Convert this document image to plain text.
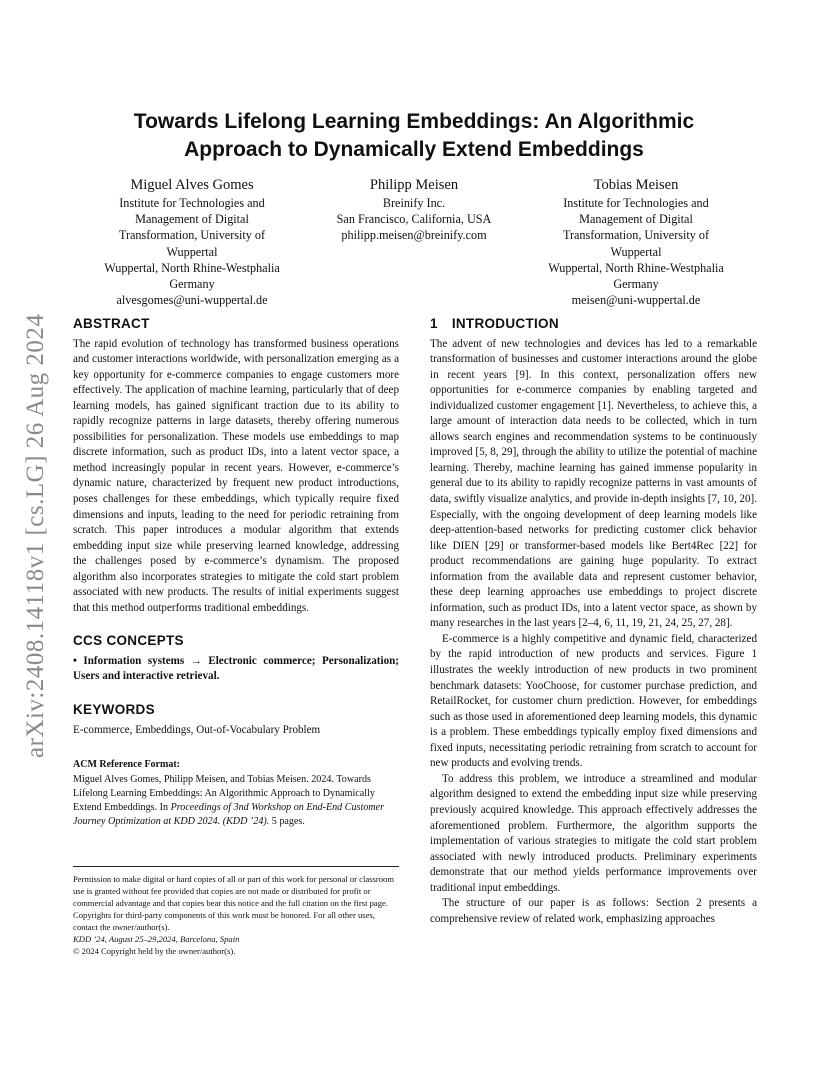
arXiv:2408.14118v1 [cs.LG] 26 Aug 2024
Towards Lifelong Learning Embeddings: An Algorithmic
Approach to Dynamically Extend Embeddings
Miguel Alves Gomes
Institute for Technologies and
Management of Digital
Transformation, University of
Wuppertal
Wuppertal, North Rhine-Westphalia
Germany
alvesgomes@uni-wuppertal.de
Philipp Meisen
Breinify Inc.
San Francisco, California, USA
philipp.meisen@breinify.com
Tobias Meisen
Institute for Technologies and
Management of Digital
Transformation, University of
Wuppertal
Wuppertal, North Rhine-Westphalia
Germany
meisen@uni-wuppertal.de
ABSTRACT

The rapid evolution of technology has transformed business operations and customer interactions worldwide, with personalization emerging as a key opportunity for e-commerce companies to engage customers more effectively. The application of machine learning, particularly that of deep learning models, has gained significant traction due to its ability to rapidly recognize patterns in large datasets, thereby offering numerous possibilities for personalization. These models use embeddings to map discrete information, such as product IDs, into a latent vector space, a method increasingly popular in recent years. However, e-commerce’s dynamic nature, characterized by frequent new product introductions, poses challenges for these embeddings, which typically require fixed dimensions and inputs, leading to the need for periodic retraining from scratch. This paper introduces a modular algorithm that extends embedding input size while preserving learned knowledge, addressing the challenges posed by e-commerce’s dynamism. The proposed algorithm also incorporates strategies to mitigate the cold start problem associated with new products. The results of initial experiments suggest that this method outperforms traditional embeddings.

CCS CONCEPTS

• Information systems → Electronic commerce; Personalization; Users and interactive retrieval.

KEYWORDS

E-commerce, Embeddings, Out-of-Vocabulary Problem

ACM Reference Format:

Miguel Alves Gomes, Philipp Meisen, and Tobias Meisen. 2024. Towards Lifelong Learning Embeddings: An Algorithmic Approach to Dynamically Extend Embeddings. In Proceedings of 3nd Workshop on End-End Customer Journey Optimization at KDD 2024. (KDD ’24). 5 pages.

Permission to make digital or hard copies of all or part of this work for personal or classroom use is granted without fee provided that copies are not made or distributed for profit or commercial advantage and that copies bear this notice and the full citation on the first page. Copyrights for third-party components of this work must be honored. For all other uses, contact the owner/author(s).

KDD ’24, August 25–29,2024, Barcelona, Spain

© 2024 Copyright held by the owner/author(s).

1 INTRODUCTION

The advent of new technologies and devices has led to a remarkable transformation of businesses and customer interactions around the globe in recent years [9]. In this context, personalization offers new opportunities for e-commerce companies by enabling targeted and individualized customer engagement [1]. Nevertheless, to achieve this, a large amount of interaction data needs to be collected, which in turn allows search engines and recommendation systems to be continuously improved [5, 8, 29], through the ability to utilize the potential of machine learning. Thereby, machine learning has gained immense popularity in general due to its ability to rapidly recognize patterns in vast amounts of data, swiftly visualize analytics, and provide in-depth insights [7, 10, 20]. Especially, with the ongoing development of deep learning models like deep-attention-based networks for predicting customer click behavior like DIEN [29] or transformer-based models like Bert4Rec [22] for product recommendations are gaining huge popularity. To extract information from the available data and represent customer behavior, these deep learning approaches use embeddings to project discrete information, such as product IDs, into a latent vector space, as shown by many researches in the last years [2–4, 6, 11, 19, 21, 24, 25, 27, 28].

E-commerce is a highly competitive and dynamic field, characterized by the rapid introduction of new products and services. Figure 1 illustrates the weekly introduction of new products in two prominent benchmark datasets: YooChoose, for customer purchase prediction, and RetailRocket, for customer churn prediction. However, for embeddings such as those used in aforementioned deep learning models, this dynamic is a problem. These embeddings typically employ fixed dimensions and fixed inputs, necessitating periodic retraining from scratch to account for new products and evolving trends.

To address this problem, we introduce a streamlined and modular algorithm designed to extend the embedding input size while preserving previously acquired knowledge. This approach effectively addresses the aforementioned problem. Furthermore, the algorithm supports the implementation of various strategies to mitigate the cold start problem associated with newly introduced products. Preliminary experiments demonstrate that our method yields performance improvements over traditional input embeddings.

The structure of our paper is as follows: Section 2 presents a comprehensive review of related work, emphasizing approaches
